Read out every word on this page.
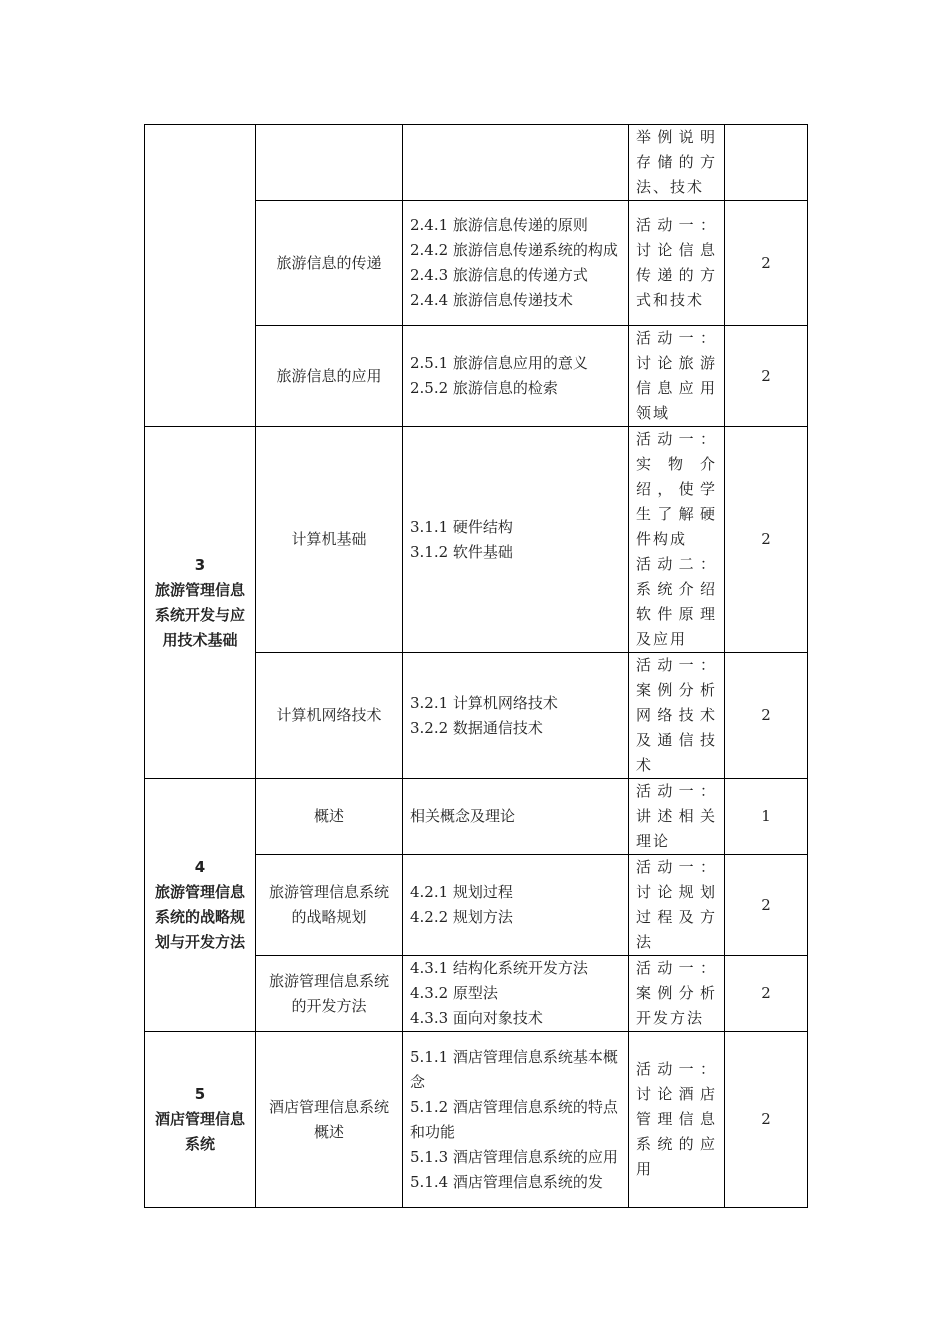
			举例说明存储的方法、技术	

	旅游信息的传递	2.4.1 旅游信息传递的原则
2.4.2 旅游信息传递系统的构成
2.4.3 旅游信息的传递方式
2.4.4 旅游信息传递技术	活动一：讨论信息传递的方式和技术	2
	旅游信息的应用	2.5.1 旅游信息应用的意义
2.5.2 旅游信息的检索	活动一：讨论旅游信息应用领域	2

3
旅游管理信息系统开发与应用技术基础	计算机基础	3.1.1 硬件结构
3.1.2 软件基础	活动一：实物介绍，使学生了解硬件构成
活动二：系统介绍软件原理及应用	2
	计算机网络技术	3.2.1 计算机网络技术
3.2.2 数据通信技术	活动一：案例分析网络技术及通信技术	2

4
旅游管理信息系统的战略规划与开发方法	概述	相关概念及理论	活动一：讲述相关理论	1
	旅游管理信息系统的战略规划	4.2.1 规划过程
4.2.2 规划方法	活动一：讨论规划过程及方法	2
	旅游管理信息系统的开发方法	4.3.1 结构化系统开发方法
4.3.2 原型法
4.3.3 面向对象技术	活动一：案例分析开发方法	2

5
酒店管理信息系统	酒店管理信息系统概述	5.1.1 酒店管理信息系统基本概念
5.1.2 酒店管理信息系统的特点和功能
5.1.3 酒店管理信息系统的应用
5.1.4 酒店管理信息系统的发	活动一：讨论酒店管理信息系统的应用	2
